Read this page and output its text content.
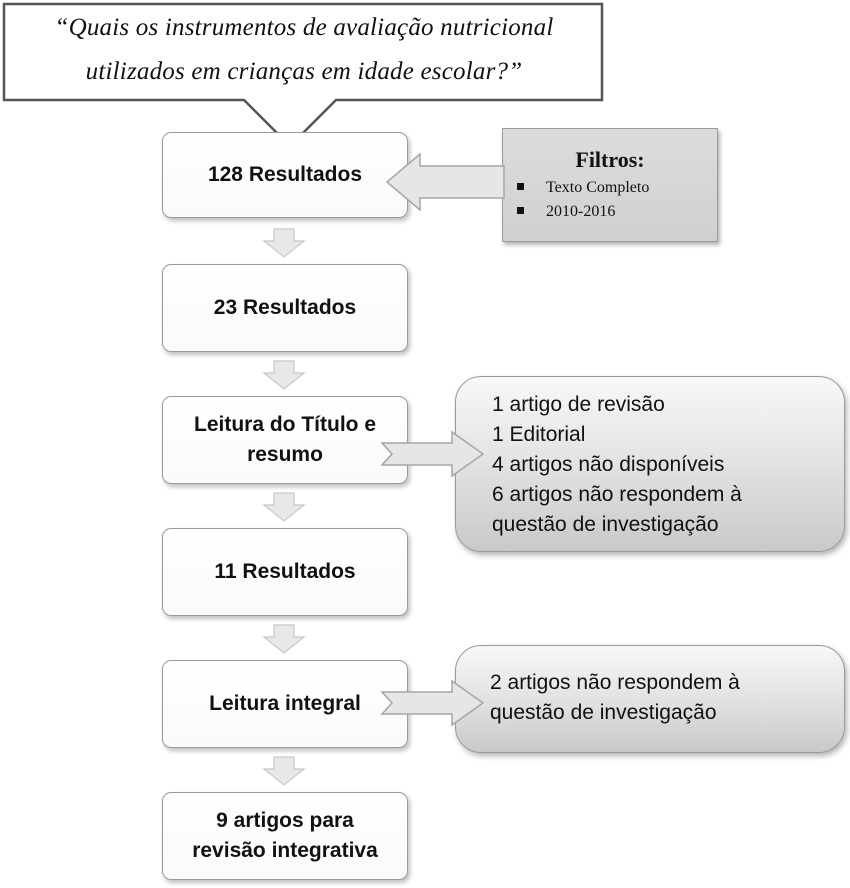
“Quais os instrumentos de avaliação nutricional
utilizados em crianças em idade escolar?”
128 Resultados
23 Resultados
Leitura do Título e
resumo
11 Resultados
Leitura integral
9 artigos para
revisão integrativa
Filtros:
Texto Completo
2010-2016
1 artigo de revisão
1 Editorial
4 artigos não disponíveis
6 artigos não respondem à
questão de investigação
2 artigos não respondem à
questão de investigação
